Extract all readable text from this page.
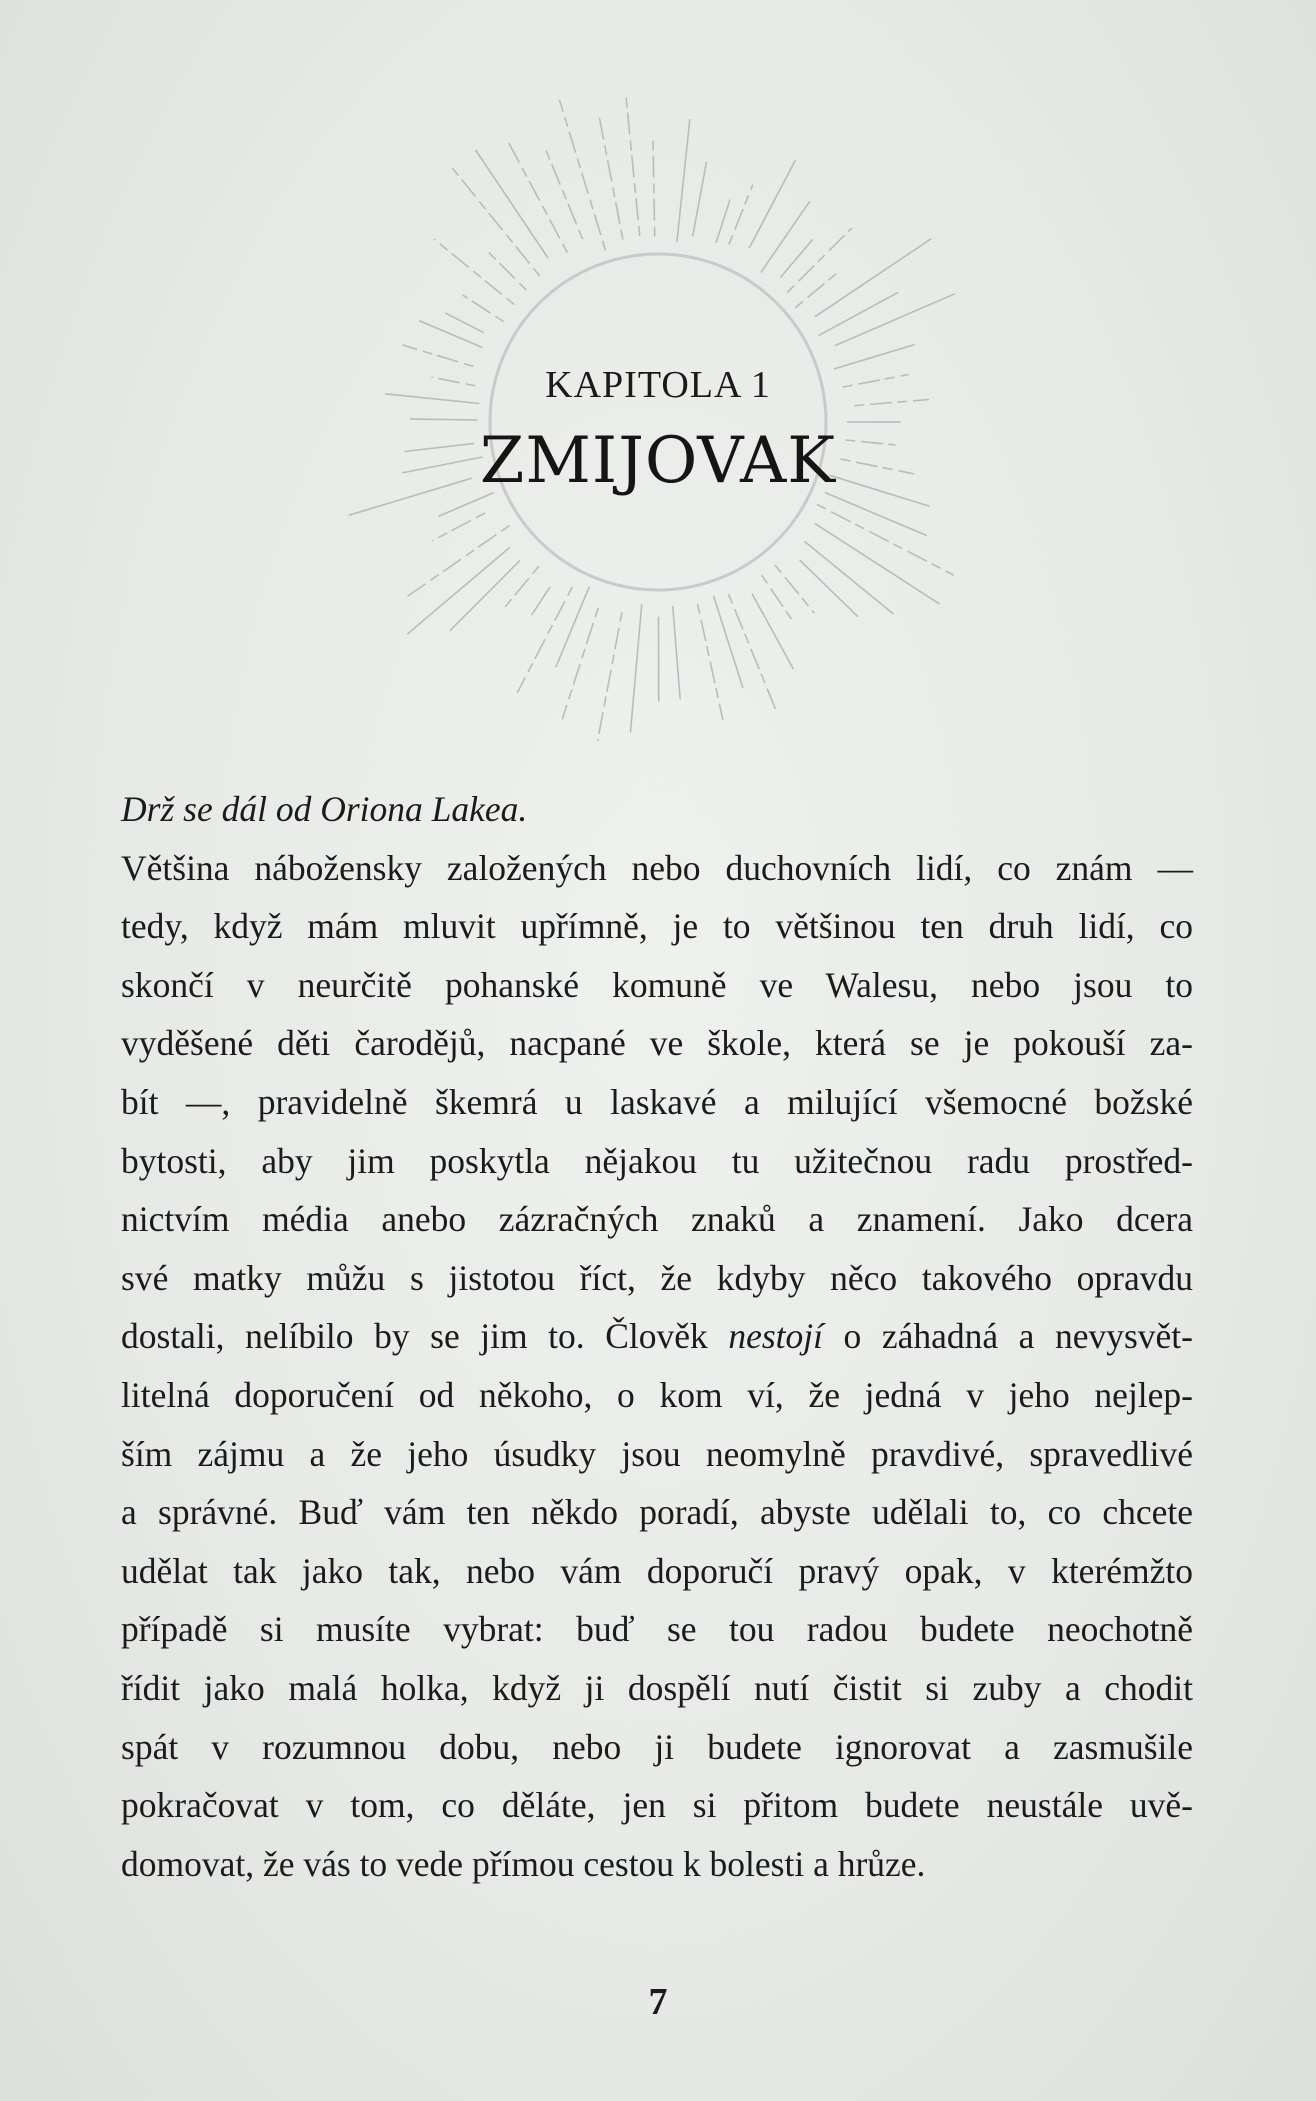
KAPITOLA 1
ZMIJOVAK

Drž se dál od Oriona Lakea.

Většina nábožensky založených nebo duchovních lidí, co znám —
tedy, když mám mluvit upřímně, je to většinou ten druh lidí, co
skončí v neurčitě pohanské komuně ve Walesu, nebo jsou to
vyděšené děti čarodějů, nacpané ve škole, která se je pokouší za-
bít —, pravidelně škemrá u laskavé a milující všemocné božské
bytosti, aby jim poskytla nějakou tu užitečnou radu prostřed-
nictvím média anebo zázračných znaků a znamení. Jako dcera
své matky můžu s jistotou říct, že kdyby něco takového opravdu
dostali, nelíbilo by se jim to. Člověk nestojí o záhadná a nevysvět-
litelná doporučení od někoho, o kom ví, že jedná v jeho nejlep-
ším zájmu a že jeho úsudky jsou neomylně pravdivé, spravedlivé
a správné. Buď vám ten někdo poradí, abyste udělali to, co chcete
udělat tak jako tak, nebo vám doporučí pravý opak, v kterémžto
případě si musíte vybrat: buď se tou radou budete neochotně
řídit jako malá holka, když ji dospělí nutí čistit si zuby a chodit
spát v rozumnou dobu, nebo ji budete ignorovat a zasmušile
pokračovat v tom, co děláte, jen si přitom budete neustále uvě-
domovat, že vás to vede přímou cestou k bolesti a hrůze.
7
